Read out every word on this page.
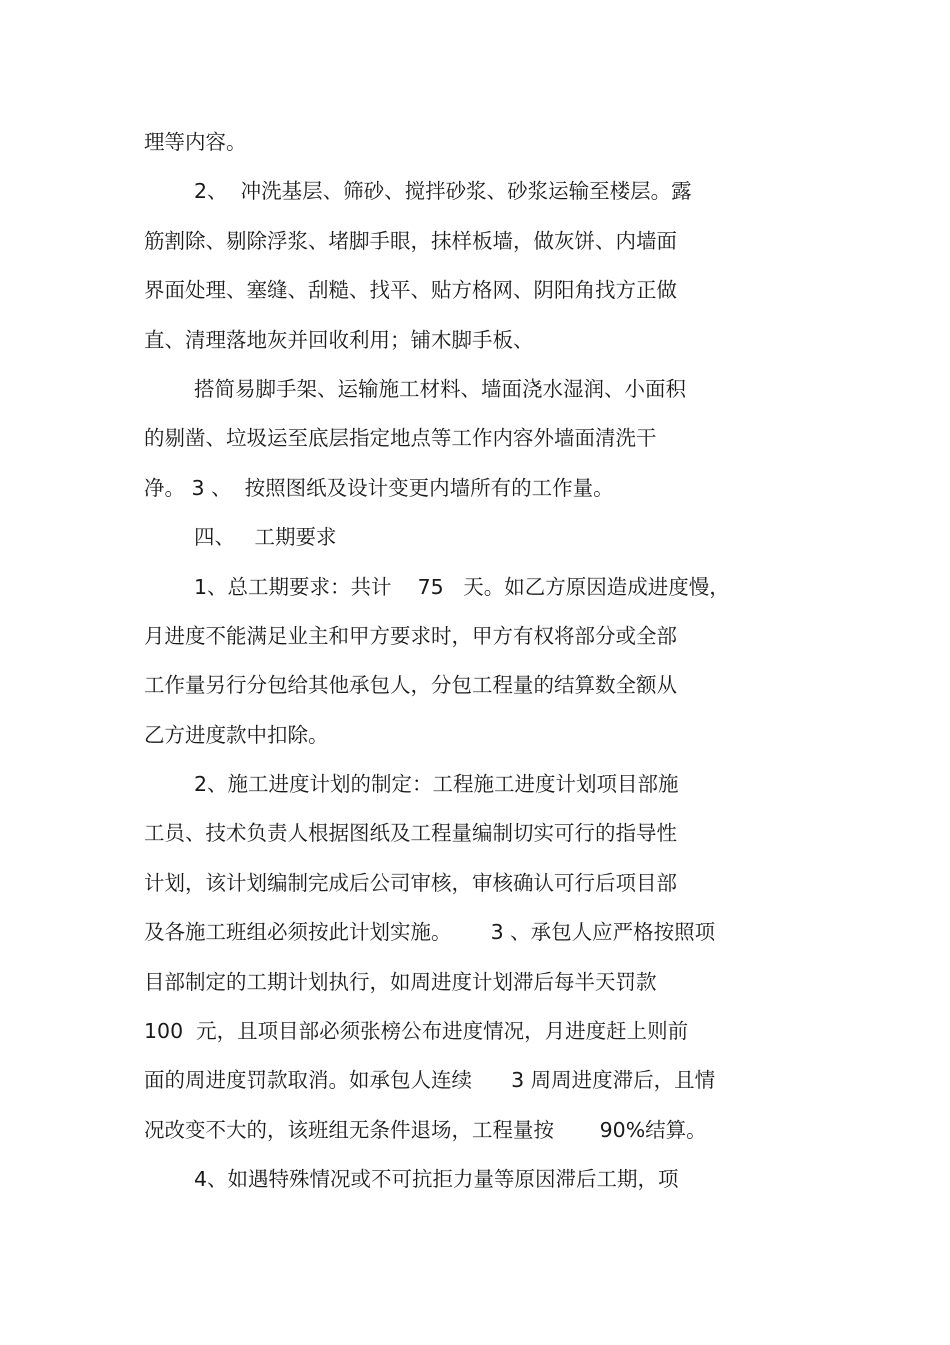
理等内容。
2、  冲洗基层、筛砂、搅拌砂浆、砂浆运输至楼层。露
筋割除、剔除浮浆、堵脚手眼，抹样板墙，做灰饼、内墙面
界面处理、塞缝、刮糙、找平、贴方格网、阴阳角找方正做
直、清理落地灰并回收利用；铺木脚手板、
搭简易脚手架、运输施工材料、墙面浇水湿润、小面积
的剔凿、垃圾运至底层指定地点等工作内容外墙面清洗干
净。 3 、  按照图纸及设计变更内墙所有的工作量。
四、   工期要求
1、总工期要求：共计    75   天。如乙方原因造成进度慢，
月进度不能满足业主和甲方要求时，甲方有权将部分或全部
工作量另行分包给其他承包人，分包工程量的结算数全额从
乙方进度款中扣除。
2、施工进度计划的制定：工程施工进度计划项目部施
工员、技术负责人根据图纸及工程量编制切实可行的指导性
计划，该计划编制完成后公司审核，审核确认可行后项目部
及各施工班组必须按此计划实施。      3 、承包人应严格按照项
目部制定的工期计划执行，如周进度计划滞后每半天罚款
100  元，且项目部必须张榜公布进度情况，月进度赶上则前
面的周进度罚款取消。如承包人连续      3 周周进度滞后，且情
况改变不大的，该班组无条件退场，工程量按       90%结算。
4、如遇特殊情况或不可抗拒力量等原因滞后工期，项
